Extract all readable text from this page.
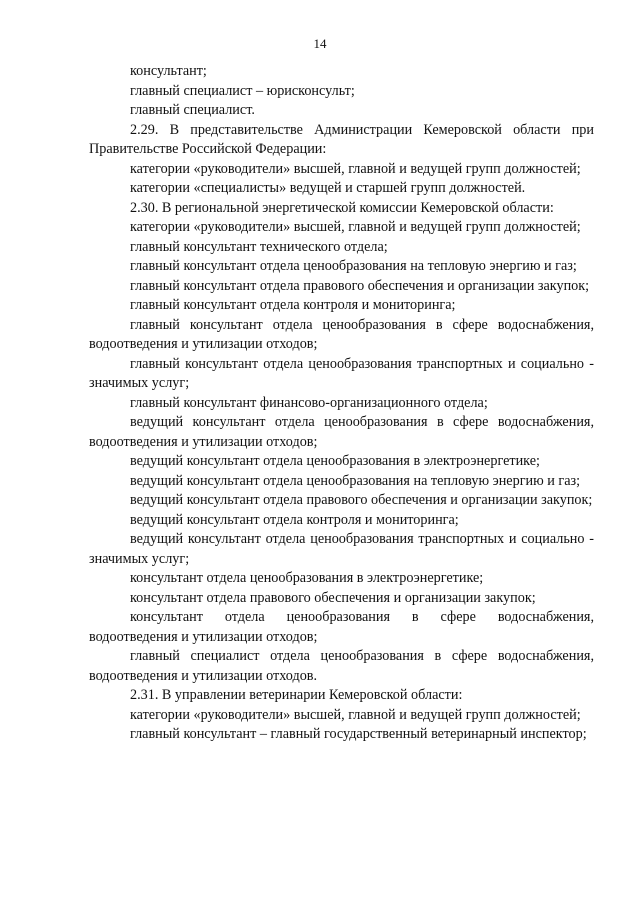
14

консультант;

главный специалист – юрисконсульт;

главный специалист.

2.29. В представительстве Администрации Кемеровской области при Правительстве Российской Федерации:

категории «руководители» высшей, главной и ведущей групп должностей;

категории «специалисты» ведущей и старшей групп должностей.

2.30. В региональной энергетической комиссии Кемеровской области:

категории «руководители» высшей, главной и ведущей групп должностей;

главный консультант технического отдела;

главный консультант отдела ценообразования на тепловую энергию и газ;

главный консультант отдела правового обеспечения и организации закупок;

главный консультант отдела контроля и мониторинга;

главный консультант отдела ценообразования в сфере водоснабжения, водоотведения и утилизации отходов;

главный консультант отдела ценообразования транспортных и социально - значимых услуг;

главный консультант финансово-организационного отдела;

ведущий консультант отдела ценообразования в сфере водоснабжения, водоотведения и утилизации отходов;

ведущий консультант отдела ценообразования в электроэнергетике;

ведущий консультант отдела ценообразования на тепловую энергию и газ;

ведущий консультант отдела правового обеспечения и организации закупок;

ведущий консультант отдела контроля и мониторинга;

ведущий консультант отдела ценообразования транспортных и социально - значимых услуг;

консультант отдела ценообразования в электроэнергетике;

консультант отдела правового обеспечения и организации закупок;

консультант отдела ценообразования в сфере водоснабжения, водоотведения и утилизации отходов;

главный специалист отдела ценообразования в сфере водоснабжения, водоотведения и утилизации отходов.

2.31. В управлении ветеринарии Кемеровской области:

категории «руководители» высшей, главной и ведущей групп должностей;

главный консультант – главный государственный ветеринарный инспектор;
